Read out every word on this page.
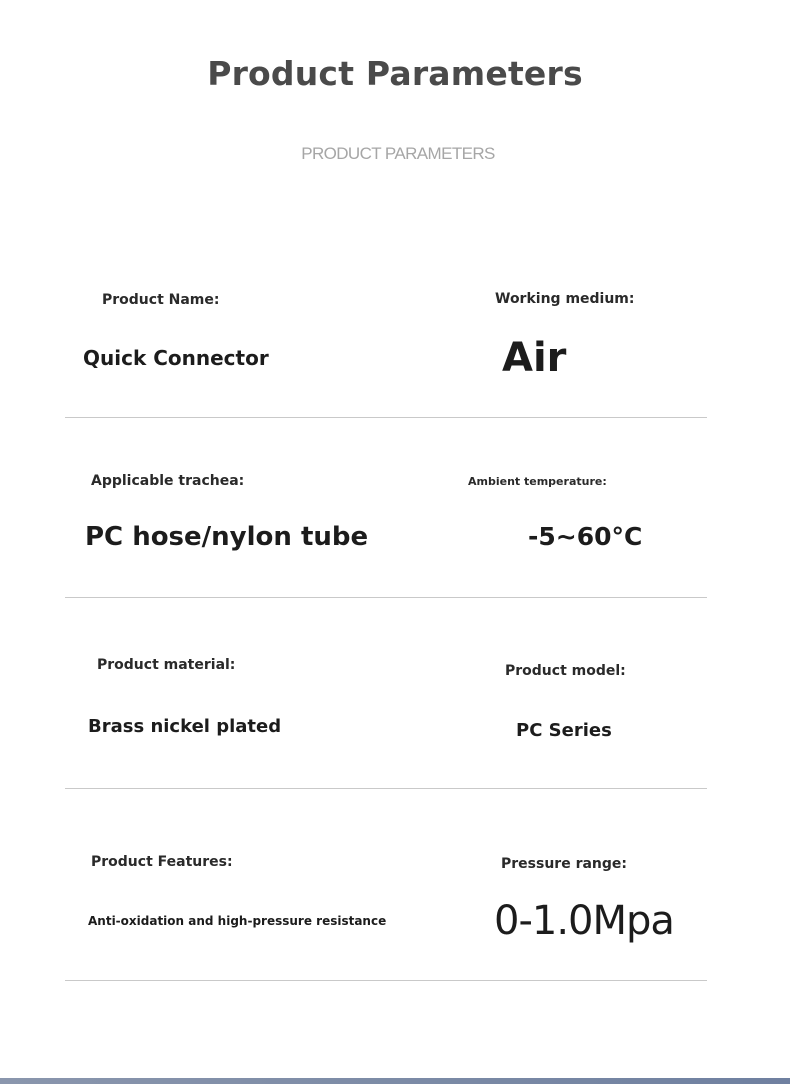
Product Parameters
PRODUCT PARAMETERS
Product Name:
Quick Connector
Working medium:
Air
Applicable trachea:
PC hose/nylon tube
Ambient temperature:
-5~60°C
Product material:
Brass nickel plated
Product model:
PC Series
Product Features:
Anti-oxidation and high-pressure resistance
Pressure range:
0-1.0Mpa
